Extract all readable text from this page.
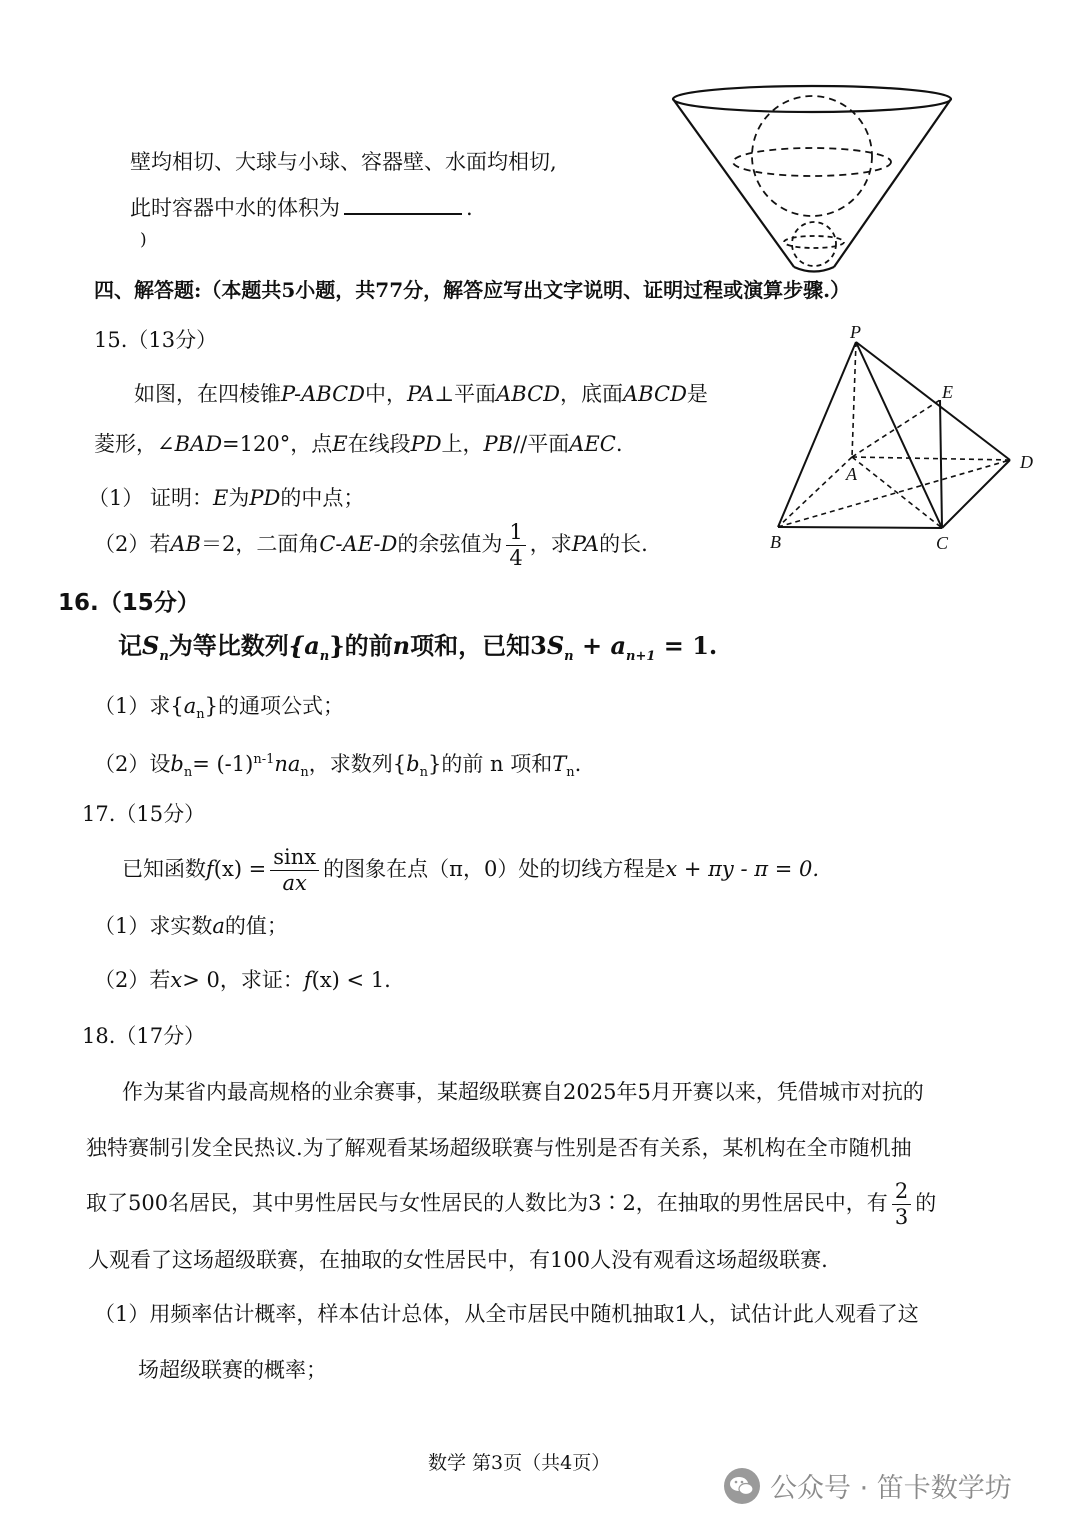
壁均相切、大球与小球、容器壁、水面均相切,
此时容器中水的体积为	.
)
四、解答题:（本题共5小题，共77分，解答应写出文字说明、证明过程或演算步骤.）
15.（13分）
如图，在四棱锥P-ABCD中，PA⊥平面ABCD，底面ABCD是
菱形，∠BAD=120°，点E在线段PD上，PB//平面AEC.
（1） 证明：E为PD的中点；
（2）若AB＝2，二面角C-AE-D的余弦值为 $\frac{1}{4}$ ，求PA的长.
P
E
D
A
B	C
16.（15分）
记$S_n$为等比数列$\{a_n\}$的前n项和，已知$3S_n + a_{n+1} = 1$.
（1）求$\{a_n\}$的通项公式；
（2）设$b_n= (-1)^{n-1}na_n$，求数列$\{b_n\}$的前 n 项和$T_n$.
17.（15分）
已知函数$f(x) = \frac{\sin x}{ax}$ 的图象在点（π，0）处的切线方程是x + πy - π = 0.
（1）求实数a的值；
（2）若x> 0，求证：f(x) < 1.
18.（17分）
作为某省内最高规格的业余赛事，某超级联赛自2025年5月开赛以来，凭借城市对抗的
独特赛制引发全民热议.为了解观看某场超级联赛与性别是否有关系，某机构在全市随机抽
取了500名居民，其中男性居民与女性居民的人数比为3∶2，在抽取的男性居民中，有 $\frac{2}{3}$ 的
人观看了这场超级联赛，在抽取的女性居民中，有100人没有观看这场超级联赛.
（1）用频率估计概率，样本估计总体，从全市居民中随机抽取1人，试估计此人观看了这
场超级联赛的概率；
数学 第3页（共4页）
公众号 · 笛卡数学坊
